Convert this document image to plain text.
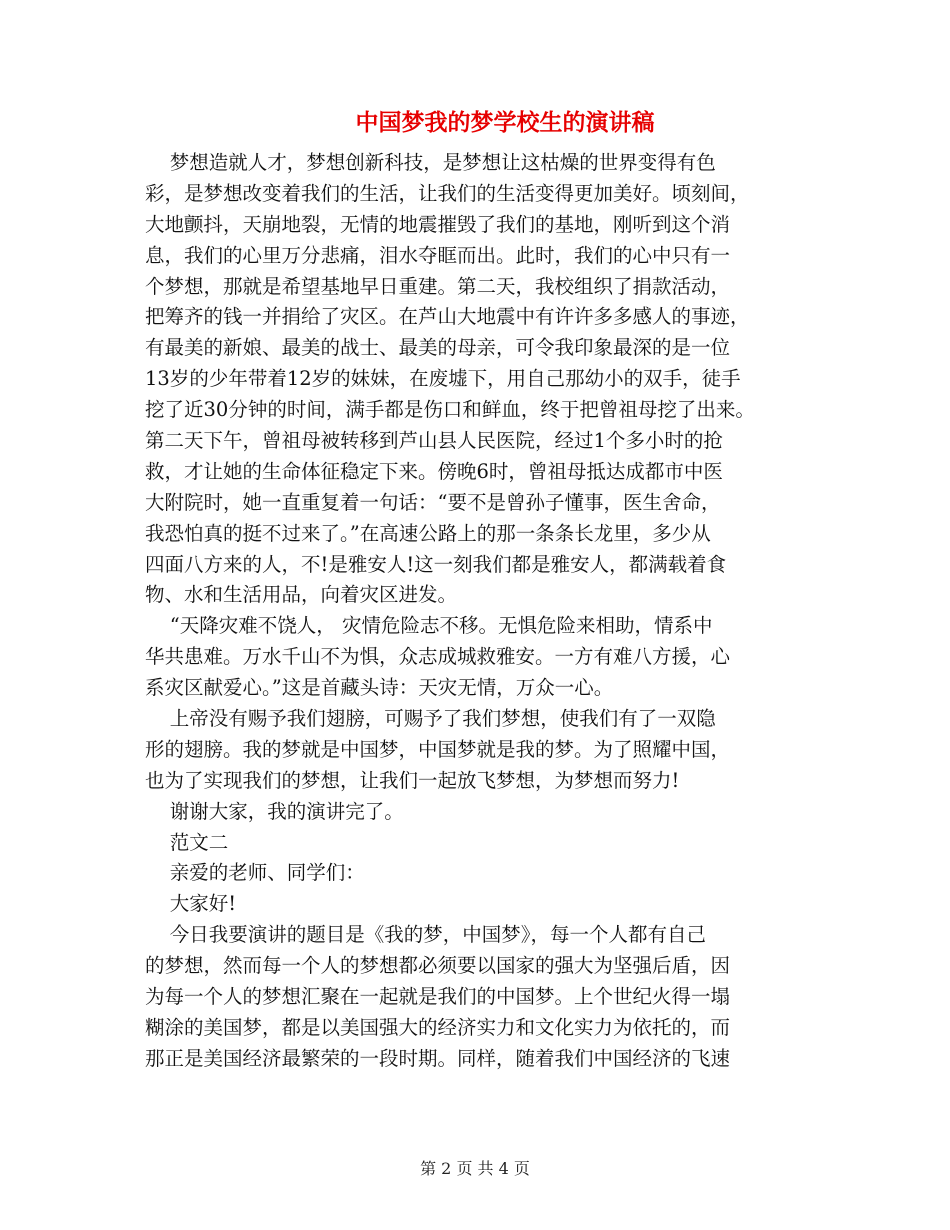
中国梦我的梦学校生的演讲稿
梦想造就人才，梦想创新科技，是梦想让这枯燥的世界变得有色
彩，是梦想改变着我们的生活，让我们的生活变得更加美好。顷刻间，
大地颤抖，天崩地裂，无情的地震摧毁了我们的基地，刚听到这个消
息，我们的心里万分悲痛，泪水夺眶而出。此时，我们的心中只有一
个梦想，那就是希望基地早日重建。第二天，我校组织了捐款活动，
把筹齐的钱一并捐给了灾区。在芦山大地震中有许许多多感人的事迹，
有最美的新娘、最美的战士、最美的母亲，可令我印象最深的是一位
13岁的少年带着12岁的妹妹，在废墟下，用自己那幼小的双手，徒手
挖了近30分钟的时间，满手都是伤口和鲜血，终于把曾祖母挖了出来。
第二天下午，曾祖母被转移到芦山县人民医院，经过1个多小时的抢
救，才让她的生命体征稳定下来。傍晚6时，曾祖母抵达成都市中医
大附院时，她一直重复着一句话：“要不是曾孙子懂事，医生舍命，
我恐怕真的挺不过来了。”在高速公路上的那一条条长龙里，多少从
四面八方来的人，不!是雅安人!这一刻我们都是雅安人，都满载着食
物、水和生活用品，向着灾区进发。
“天降灾难不饶人， 灾情危险志不移。无惧危险来相助，情系中
华共患难。万水千山不为惧，众志成城救雅安。一方有难八方援，心
系灾区献爱心。”这是首藏头诗：天灾无情，万众一心。
上帝没有赐予我们翅膀，可赐予了我们梦想，使我们有了一双隐
形的翅膀。我的梦就是中国梦，中国梦就是我的梦。为了照耀中国，
也为了实现我们的梦想，让我们一起放飞梦想，为梦想而努力!
谢谢大家，我的演讲完了。
范文二
亲爱的老师、同学们：
大家好!
今日我要演讲的题目是《我的梦，中国梦》，每一个人都有自己
的梦想，然而每一个人的梦想都必须要以国家的强大为坚强后盾，因
为每一个人的梦想汇聚在一起就是我们的中国梦。上个世纪火得一塌
糊涂的美国梦，都是以美国强大的经济实力和文化实力为依托的，而
那正是美国经济最繁荣的一段时期。同样，随着我们中国经济的飞速
第 2 页 共 4 页
